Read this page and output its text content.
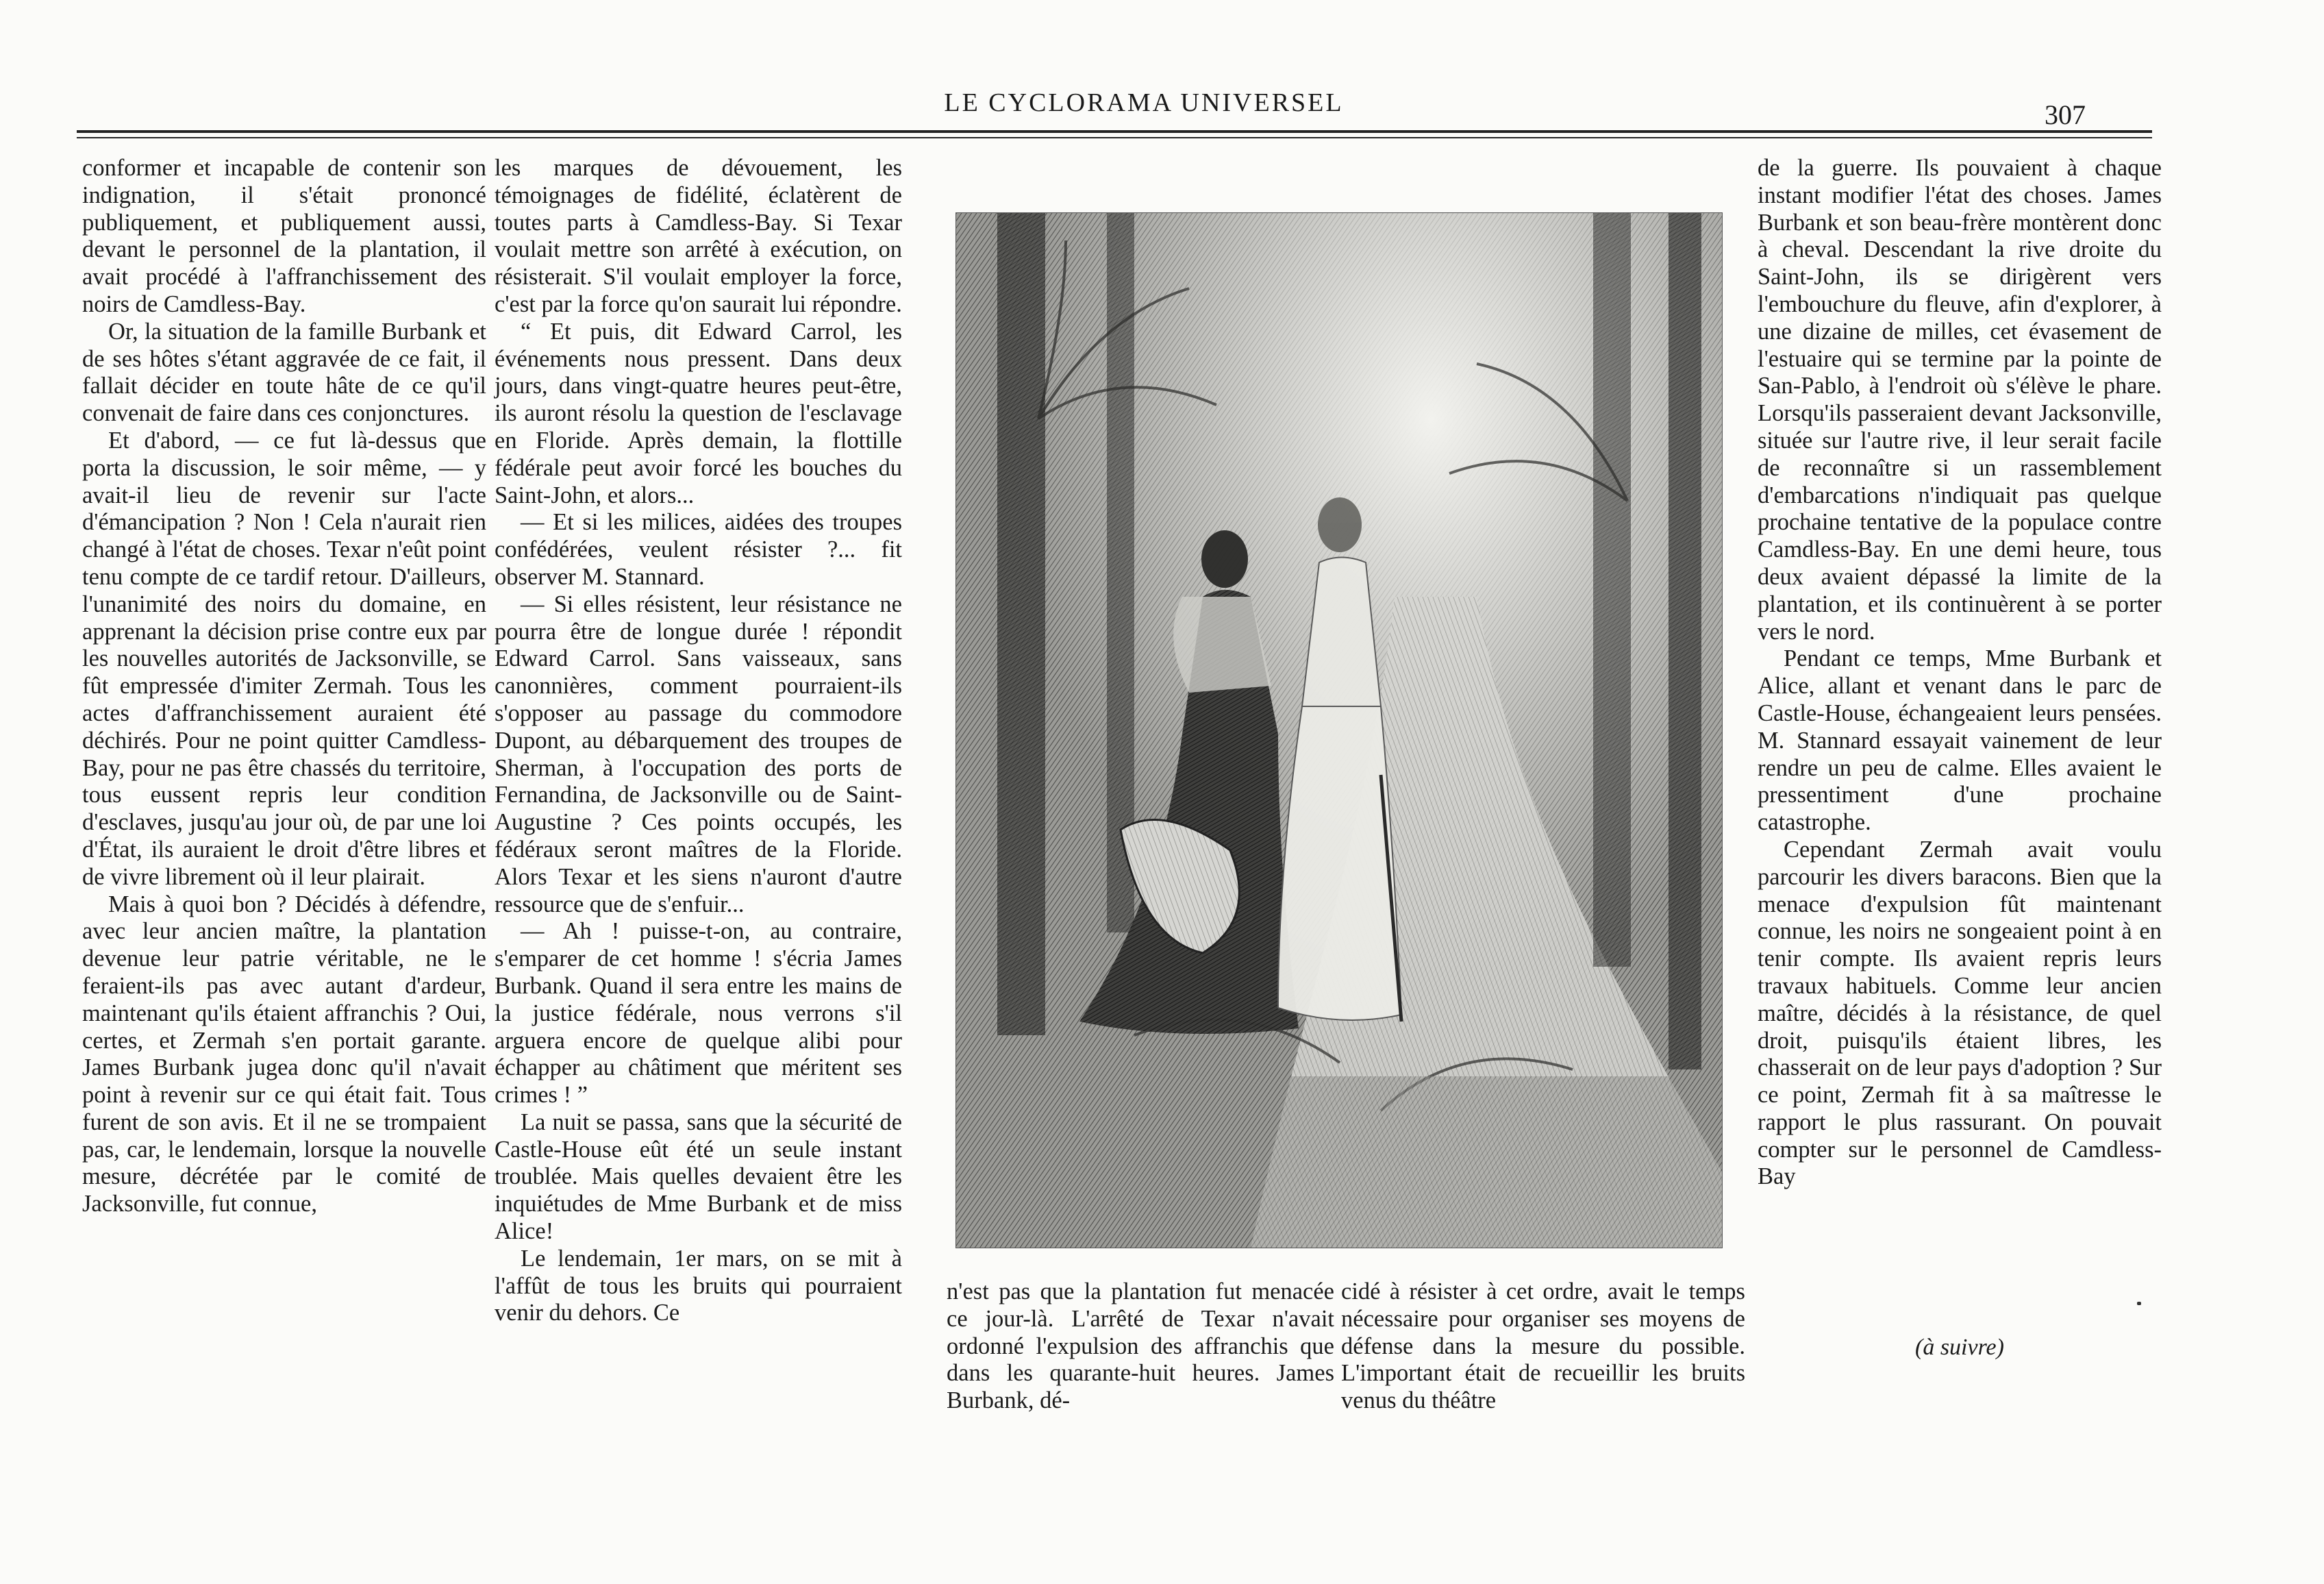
LE CYCLORAMA UNIVERSEL	307

conformer et incapable de contenir son indignation, il s'était prononcé publiquement, et publiquement aussi, devant le personnel de la plantation, il avait procédé à l'affranchissement des noirs de Camdless-Bay.

Or, la situation de la famille Burbank et de ses hôtes s'étant aggravée de ce fait, il fallait décider en toute hâte de ce qu'il convenait de faire dans ces conjonctures.

Et d'abord, — ce fut là-dessus que porta la discussion, le soir même, — y avait-il lieu de revenir sur l'acte d'émancipation ? Non ! Cela n'aurait rien changé à l'état de choses. Texar n'eût point tenu compte de ce tardif retour. D'ailleurs, l'unanimité des noirs du domaine, en apprenant la décision prise contre eux par les nouvelles autorités de Jacksonville, se fût empressée d'imiter Zermah. Tous les actes d'affranchissement auraient été déchirés. Pour ne point quitter Camdless-Bay, pour ne pas être chassés du territoire, tous eussent repris leur condition d'esclaves, jusqu'au jour où, de par une loi d'État, ils auraient le droit d'être libres et de vivre librement où il leur plairait.

Mais à quoi bon ? Décidés à défendre, avec leur ancien maître, la plantation devenue leur patrie véritable, ne le feraient-ils pas avec autant d'ardeur, maintenant qu'ils étaient affranchis ? Oui, certes, et Zermah s'en portait garante. James Burbank jugea donc qu'il n'avait point à revenir sur ce qui était fait. Tous furent de son avis. Et il ne se trompaient pas, car, le lendemain, lorsque la nouvelle mesure, décrétée par le comité de Jacksonville, fut connue,

les marques de dévouement, les témoignages de fidélité, éclatèrent de toutes parts à Camdless-Bay. Si Texar voulait mettre son arrêté à exécution, on résisterait. S'il voulait employer la force, c'est par la force qu'on saurait lui répondre.

“ Et puis, dit Edward Carrol, les événements nous pressent. Dans deux jours, dans vingt-quatre heures peut-être, ils auront résolu la question de l'esclavage en Floride. Après demain, la flottille fédérale peut avoir forcé les bouches du Saint-John, et alors...

— Et si les milices, aidées des troupes confédérées, veulent résister ?... fit observer M. Stannard.

— Si elles résistent, leur résistance ne pourra être de longue durée ! répondit Edward Carrol. Sans vaisseaux, sans canonnières, comment pourraient-ils s'opposer au passage du commodore Dupont, au débarquement des troupes de Sherman, à l'occupation des ports de Fernandina, de Jacksonville ou de Saint-Augustine ? Ces points occupés, les fédéraux seront maîtres de la Floride. Alors Texar et les siens n'auront d'autre ressource que de s'enfuir...

— Ah ! puisse-t-on, au contraire, s'emparer de cet homme ! s'écria James Burbank. Quand il sera entre les mains de la justice fédérale, nous verrons s'il arguera encore de quelque alibi pour échapper au châtiment que méritent ses crimes ! ”

La nuit se passa, sans que la sécurité de Castle-House eût été un seule instant troublée. Mais quelles devaient être les inquiétudes de Mme Burbank et de miss Alice!

Le lendemain, 1er mars, on se mit à l'affût de tous les bruits qui pourraient venir du dehors. Ce

n'est pas que la plantation fut menacée ce jour-là. L'arrêté de Texar n'avait ordonné l'expulsion des affranchis que dans les quarante-huit heures. James Burbank, dé-

cidé à résister à cet ordre, avait le temps nécessaire pour organiser ses moyens de défense dans la mesure du possible. L'important était de recueillir les bruits venus du théâtre

de la guerre. Ils pouvaient à chaque instant modifier l'état des choses. James Burbank et son beau-frère montèrent donc à cheval. Descendant la rive droite du Saint-John, ils se dirigèrent vers l'embouchure du fleuve, afin d'explorer, à une dizaine de milles, cet évasement de l'estuaire qui se termine par la pointe de San-Pablo, à l'endroit où s'élève le phare. Lorsqu'ils passeraient devant Jacksonville, située sur l'autre rive, il leur serait facile de reconnaître si un rassemblement d'embarcations n'indiquait pas quelque prochaine tentative de la populace contre Camdless-Bay. En une demi heure, tous deux avaient dépassé la limite de la plantation, et ils continuèrent à se porter vers le nord.

Pendant ce temps, Mme Burbank et Alice, allant et venant dans le parc de Castle-House, échangeaient leurs pensées. M. Stannard essayait vainement de leur rendre un peu de calme. Elles avaient le pressentiment d'une prochaine catastrophe.

Cependant Zermah avait voulu parcourir les divers baracons. Bien que la menace d'expulsion fût maintenant connue, les noirs ne songeaient point à en tenir compte. Ils avaient repris leurs travaux habituels. Comme leur ancien maître, décidés à la résistance, de quel droit, puisqu'ils étaient libres, les chasserait on de leur pays d'adoption ? Sur ce point, Zermah fit à sa maîtresse le rapport le plus rassurant. On pouvait compter sur le personnel de Camdless-Bay

(à suivre)
